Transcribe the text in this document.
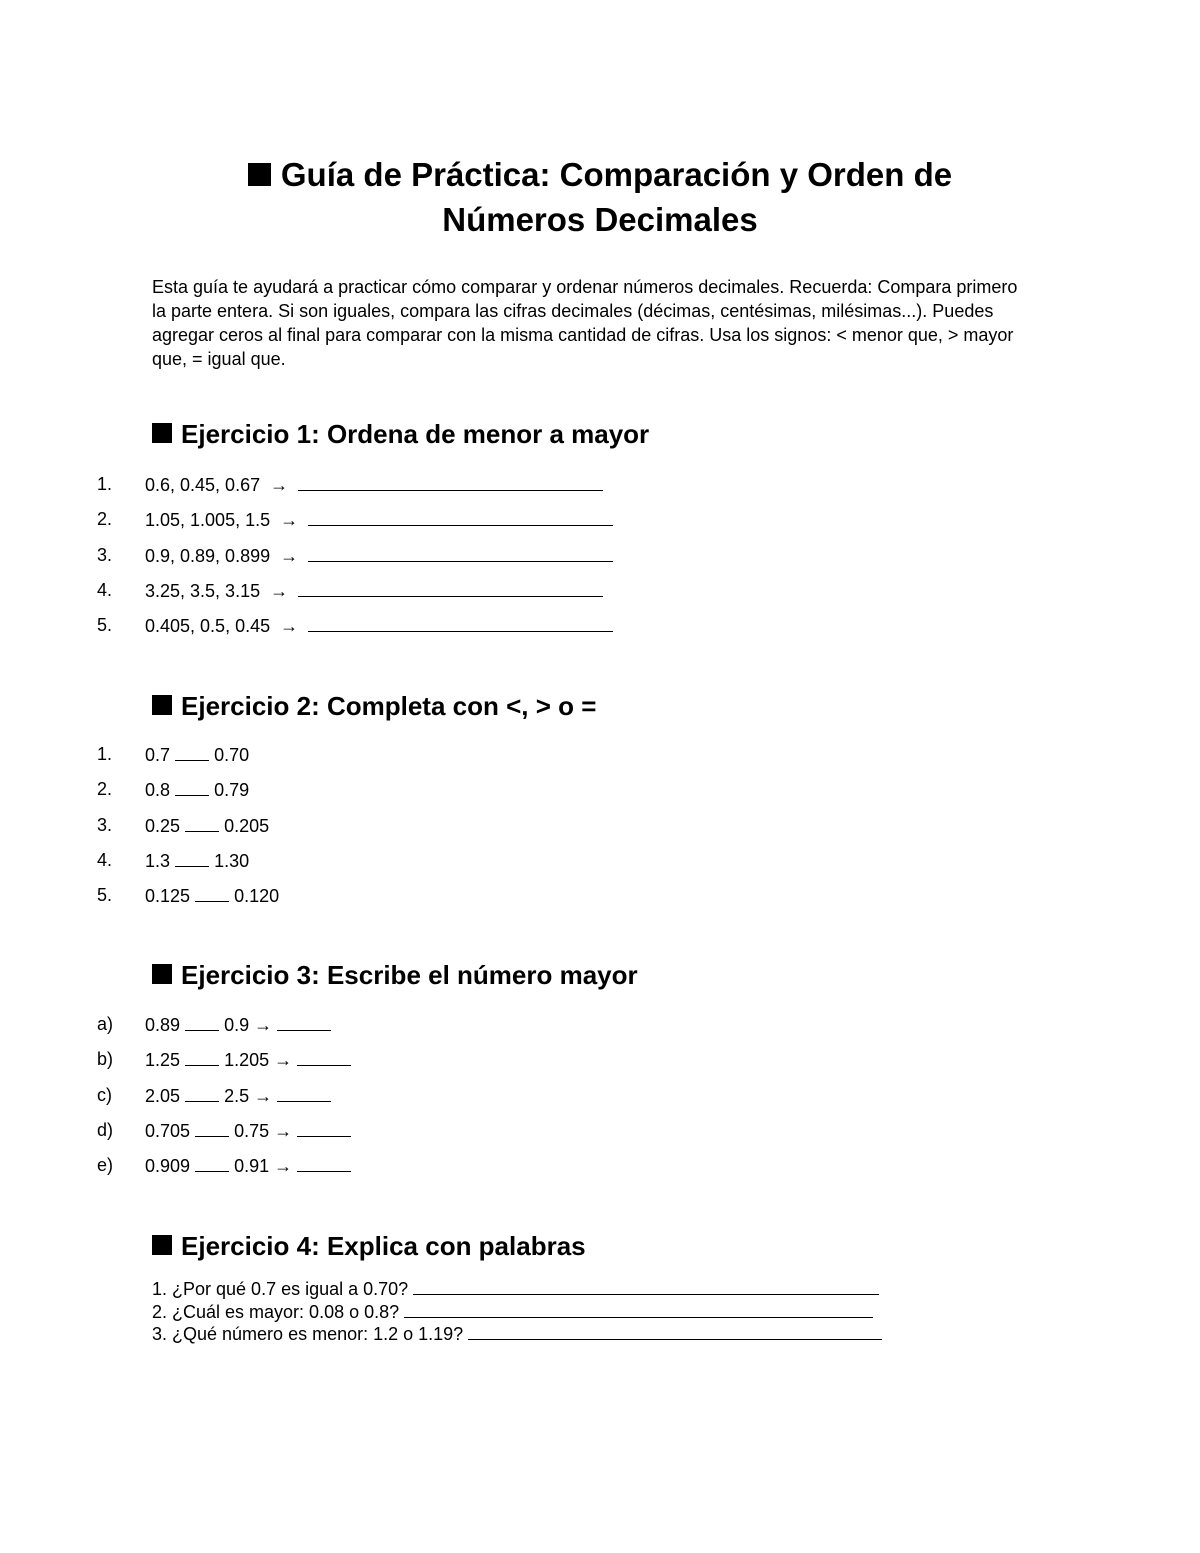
Guía de Práctica: Comparación y Orden de
Números Decimales
Esta guía te ayudará a practicar cómo comparar y ordenar números decimales. Recuerda: Compara primero la parte entera. Si son iguales, compara las cifras decimales (décimas, centésimas, milésimas...). Puedes agregar ceros al final para comparar con la misma cantidad de cifras. Usa los signos: < menor que, > mayor que, = igual que.
Ejercicio 1: Ordena de menor a mayor
1. 0.6, 0.45, 0.67 →
2. 1.05, 1.005, 1.5 →
3. 0.9, 0.89, 0.899 →
4. 3.25, 3.5, 3.15 →
5. 0.405, 0.5, 0.45 →
Ejercicio 2: Completa con <, > o =
1. 0.7 0.70
2. 0.8 0.79
3. 0.25 0.205
4. 1.3 1.30
5. 0.125 0.120
Ejercicio 3: Escribe el número mayor
a) 0.89 0.9 →
b) 1.25 1.205 →
c) 2.05 2.5 →
d) 0.705 0.75 →
e) 0.909 0.91 →
Ejercicio 4: Explica con palabras
1. ¿Por qué 0.7 es igual a 0.70?
2. ¿Cuál es mayor: 0.08 o 0.8?
3. ¿Qué número es menor: 1.2 o 1.19?
